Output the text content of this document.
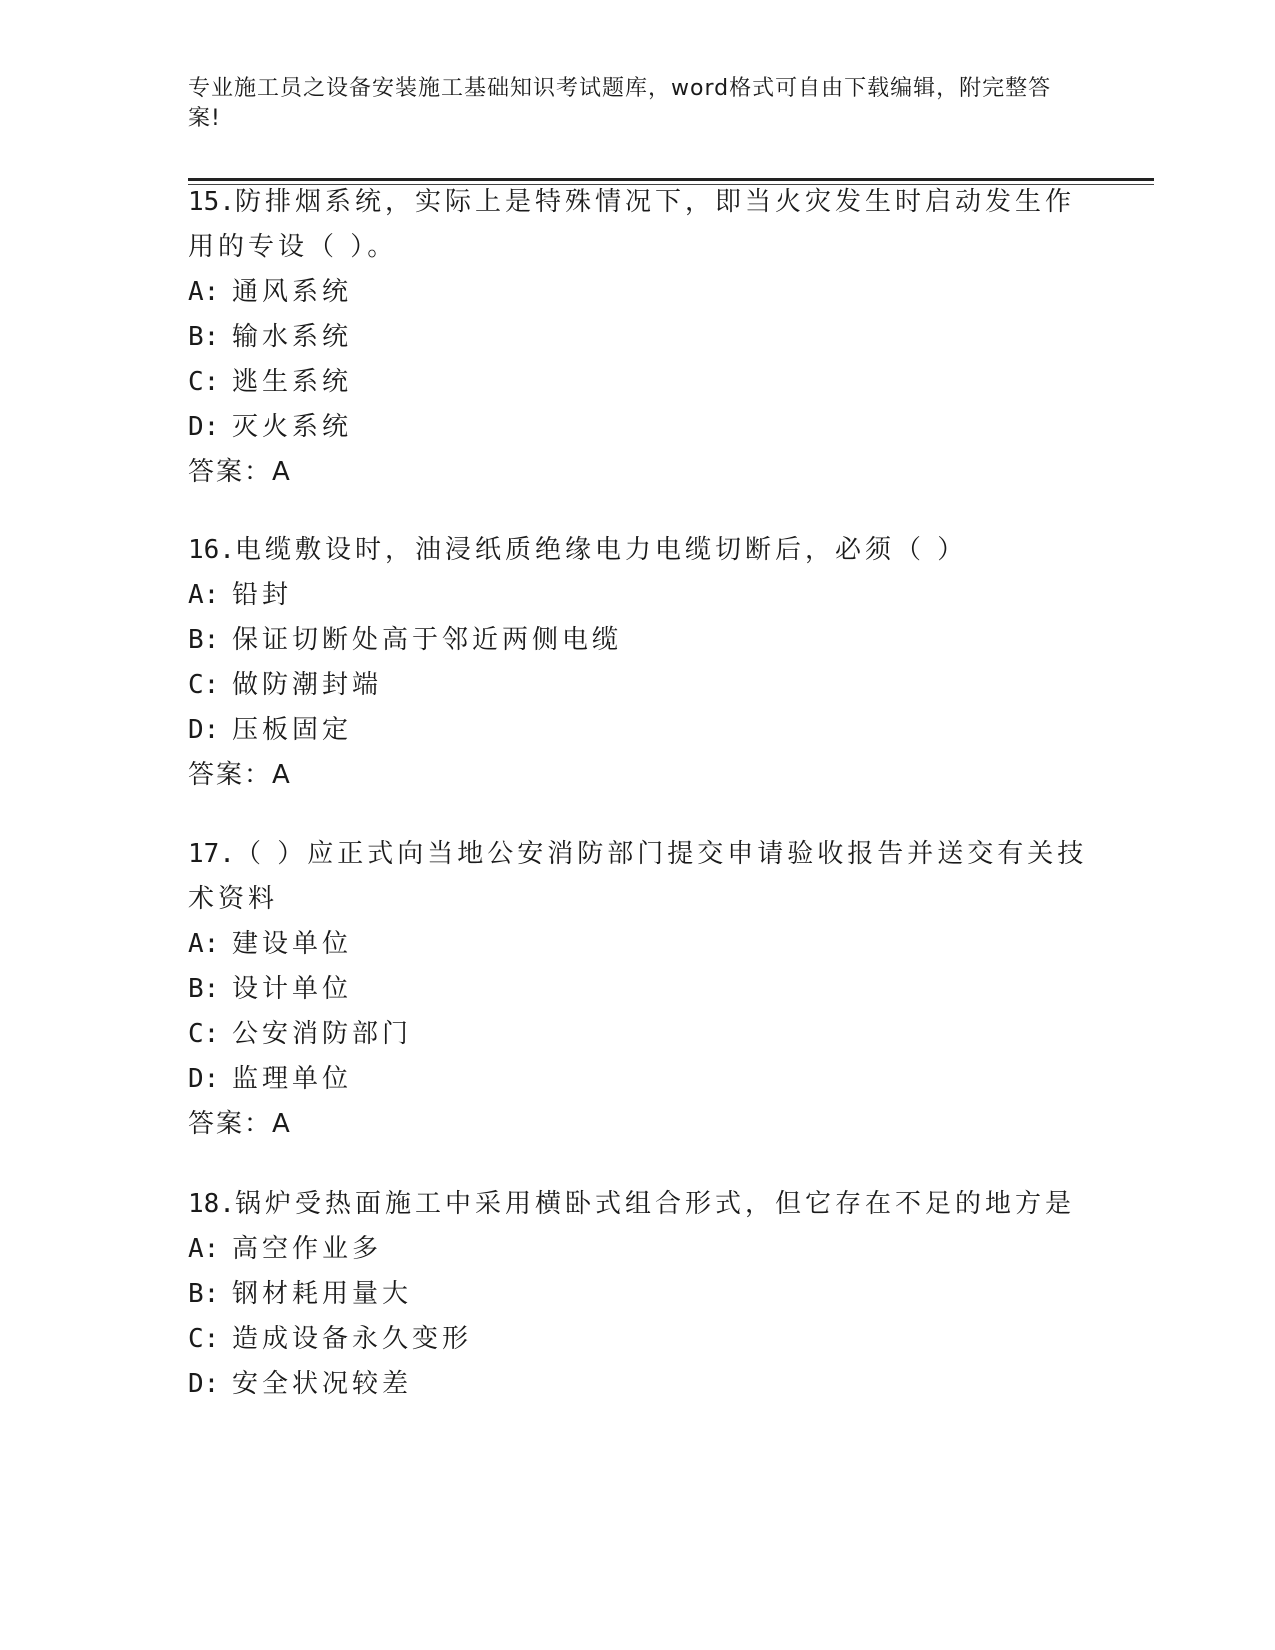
专业施工员之设备安装施工基础知识考试题库，word格式可自由下载编辑，附完整答案!
15.防排烟系统，实际上是特殊情况下，即当火灾发生时启动发生作用的专设（ ）。
A: 通风系统
B: 输水系统
C: 逃生系统
D: 灭火系统
答案：A
16.电缆敷设时，油浸纸质绝缘电力电缆切断后，必须（ ）
A: 铅封
B: 保证切断处高于邻近两侧电缆
C: 做防潮封端
D: 压板固定
答案：A
17.（ ）应正式向当地公安消防部门提交申请验收报告并送交有关技术资料
A: 建设单位
B: 设计单位
C: 公安消防部门
D: 监理单位
答案：A
18.锅炉受热面施工中采用横卧式组合形式，但它存在不足的地方是
A: 高空作业多
B: 钢材耗用量大
C: 造成设备永久变形
D: 安全状况较差
